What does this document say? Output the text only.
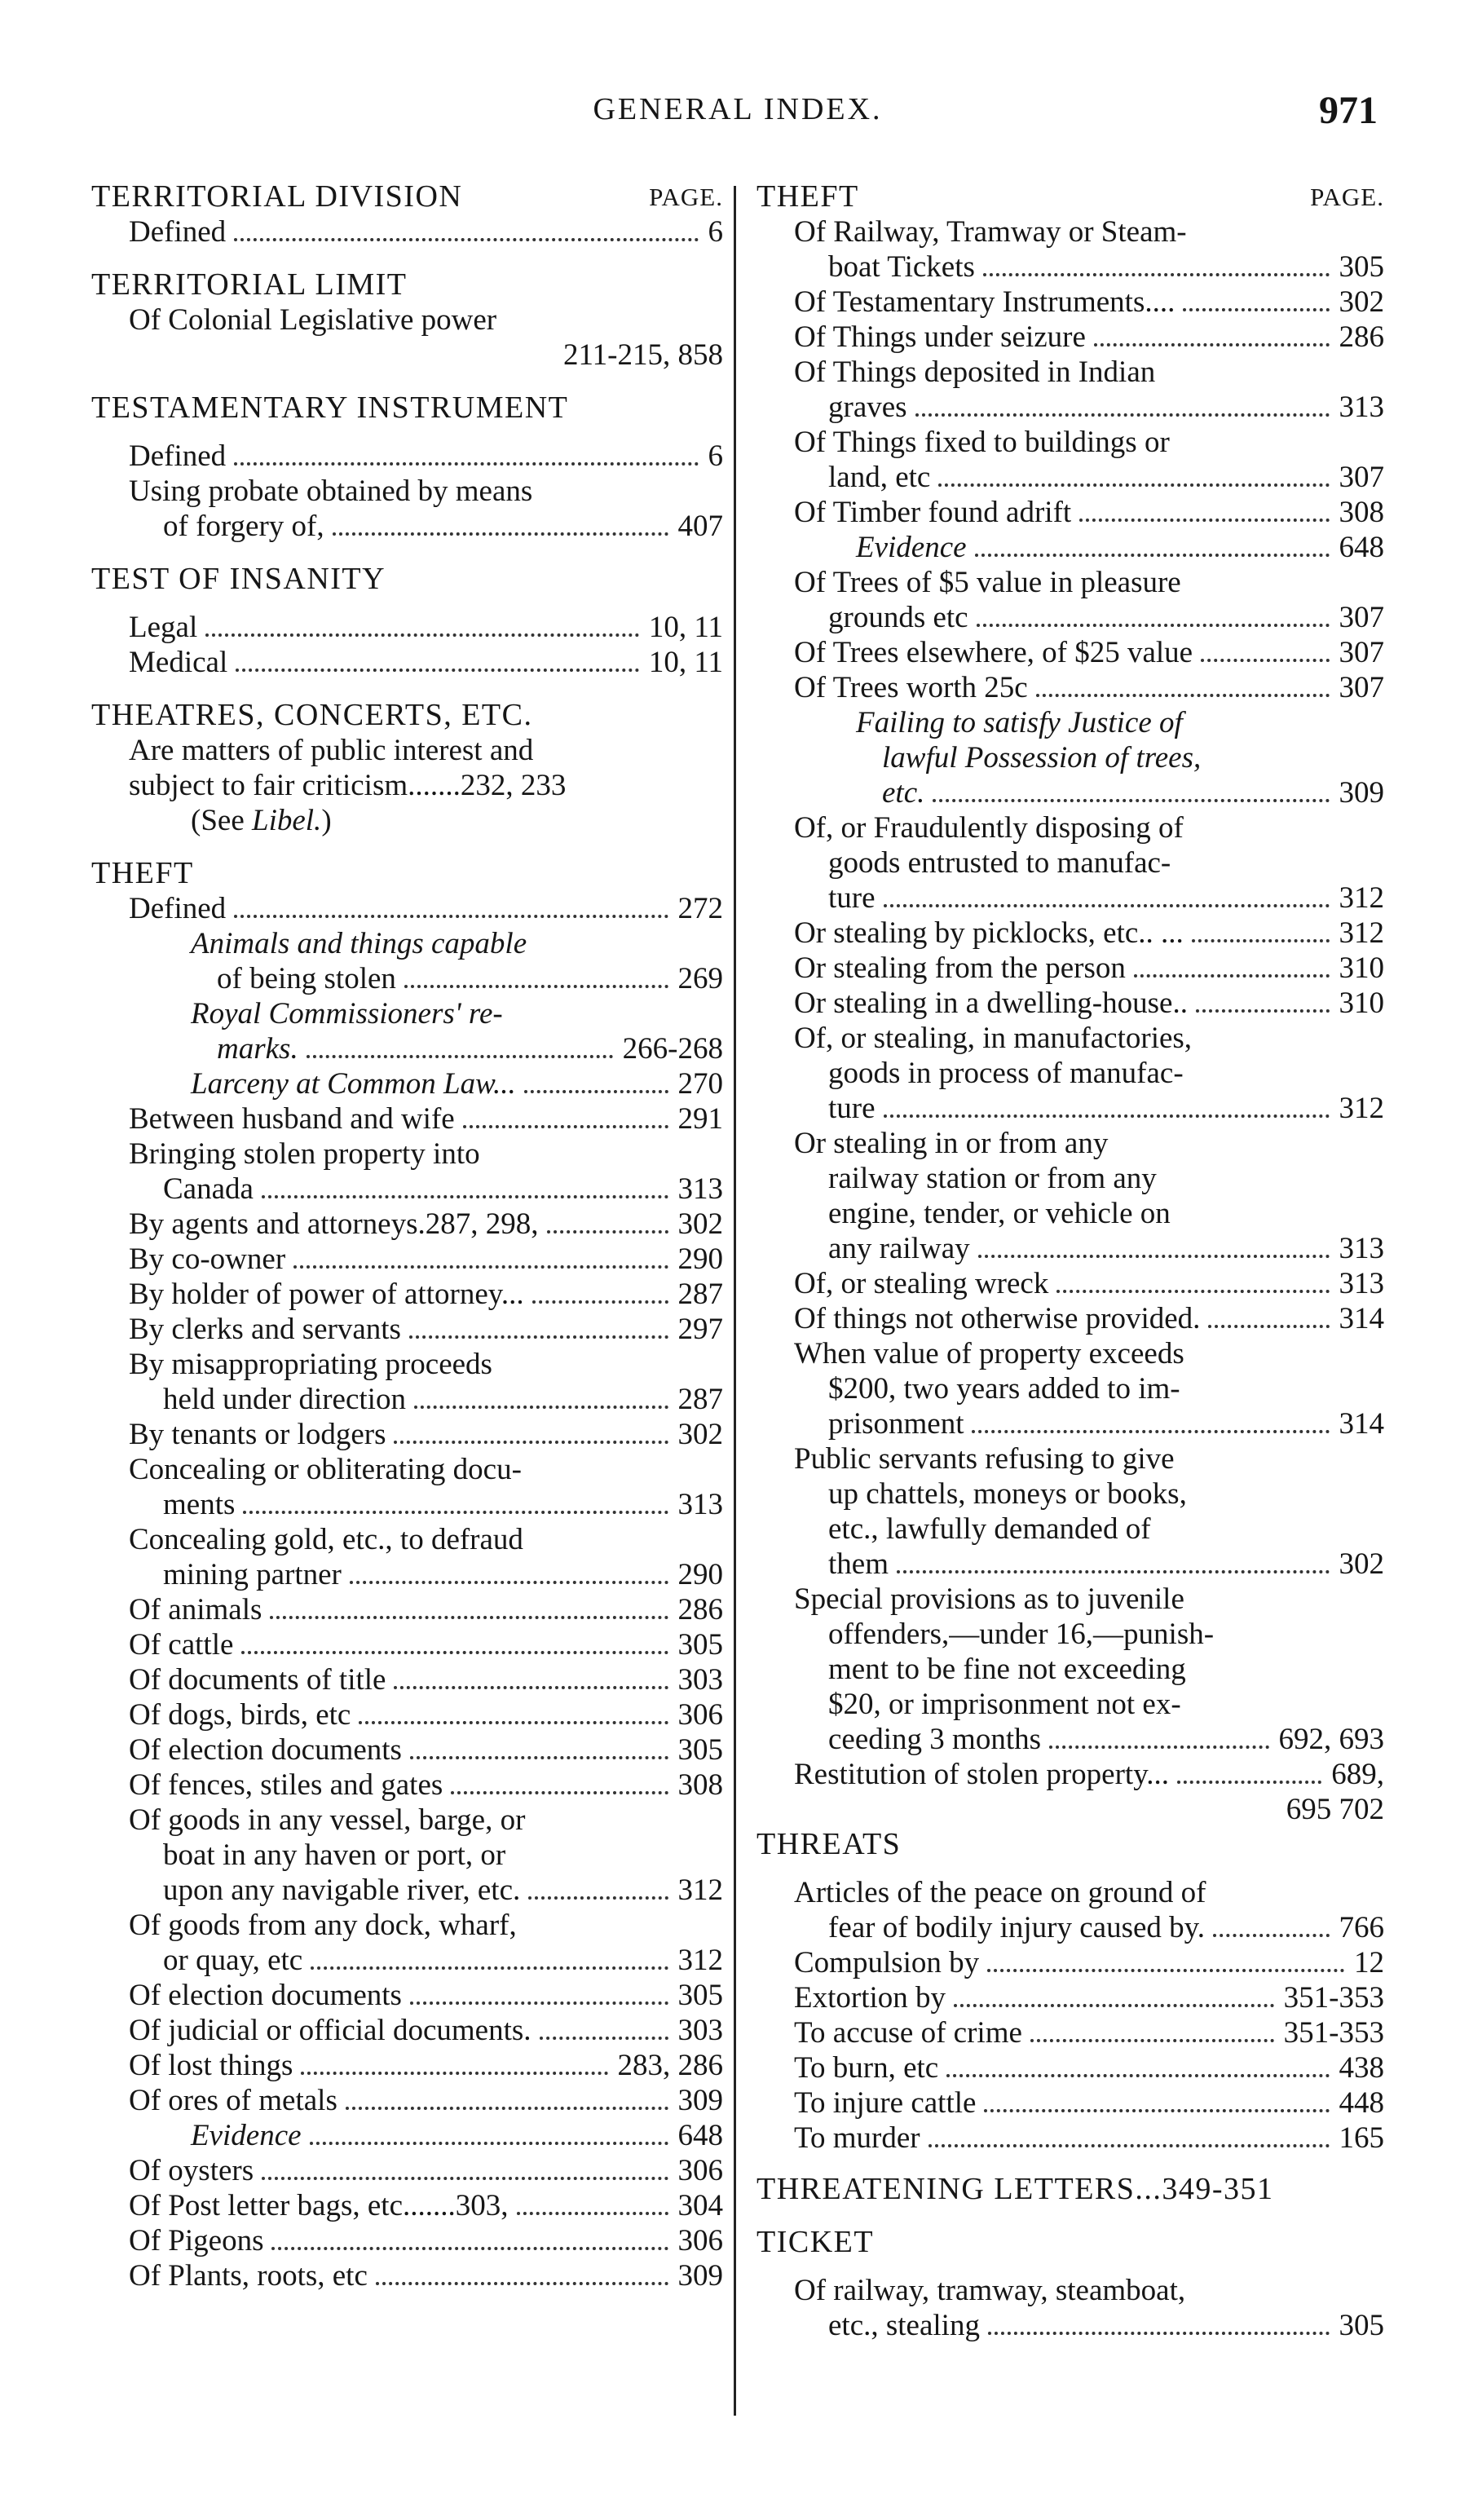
GENERAL INDEX.	971
TERRITORIAL DIVISION	PAGE.
Defined	6
TERRITORIAL LIMIT
Of Colonial Legislative power
211-215, 858
TESTAMENTARY INSTRUMENT
Defined	6
Using probate obtained by means
of forgery of,	407
TEST OF INSANITY
Legal	10, 11
Medical	10, 11
THEATRES, CONCERTS, ETC.
Are matters of public interest and
subject to fair criticism.......232, 233
(See Libel.)
THEFT
Defined	272
Animals and things capable
of being stolen	269
Royal Commissioners' re-
marks.	266-268
Larceny at Common Law...	270
Between husband and wife	291
Bringing stolen property into
Canada	313
By agents and attorneys.287, 298,	302
By co-owner	290
By holder of power of attorney...	287
By clerks and servants	297
By misappropriating proceeds
held under direction	287
By tenants or lodgers	302
Concealing or obliterating docu-
ments	313
Concealing gold, etc., to defraud
mining partner	290
Of animals	286
Of cattle	305
Of documents of title	303
Of dogs, birds, etc	306
Of election documents	305
Of fences, stiles and gates	308
Of goods in any vessel, barge, or
boat in any haven or port, or
upon any navigable river, etc.	312
Of goods from any dock, wharf,
or quay, etc	312
Of election documents	305
Of judicial or official documents.	303
Of lost things	283, 286
Of ores of metals	309
Evidence	648
Of oysters	306
Of Post letter bags, etc.......303,	304
Of Pigeons	306
Of Plants, roots, etc	309
THEFT	PAGE.
Of Railway, Tramway or Steam-
boat Tickets	305
Of Testamentary Instruments....	302
Of Things under seizure	286
Of Things deposited in Indian
graves	313
Of Things fixed to buildings or
land, etc	307
Of Timber found adrift	308
Evidence	648
Of Trees of $5 value in pleasure
grounds etc	307
Of Trees elsewhere, of $25 value	307
Of Trees worth 25c	307
Failing to satisfy Justice of
lawful Possession of trees,
etc.	309
Of, or Fraudulently disposing of
goods entrusted to manufac-
ture	312
Or stealing by picklocks, etc.. ...	312
Or stealing from the person	310
Or stealing in a dwelling-house..	310
Of, or stealing, in manufactories,
goods in process of manufac-
ture	312
Or stealing in or from any
railway station or from any
engine, tender, or vehicle on
any railway	313
Of, or stealing wreck	313
Of things not otherwise provided.	314
When value of property exceeds
$200, two years added to im-
prisonment	314
Public servants refusing to give
up chattels, moneys or books,
etc., lawfully demanded of
them	302
Special provisions as to juvenile
offenders,—under 16,—punish-
ment to be fine not exceeding
$20, or imprisonment not ex-
ceeding 3 months	692, 693
Restitution of stolen property...	689,
695 702
THREATS
Articles of the peace on ground of
fear of bodily injury caused by.	766
Compulsion by	12
Extortion by	351-353
To accuse of crime	351-353
To burn, etc	438
To injure cattle	448
To murder	165
THREATENING LETTERS...349-351
TICKET
Of railway, tramway, steamboat,
etc., stealing	305
